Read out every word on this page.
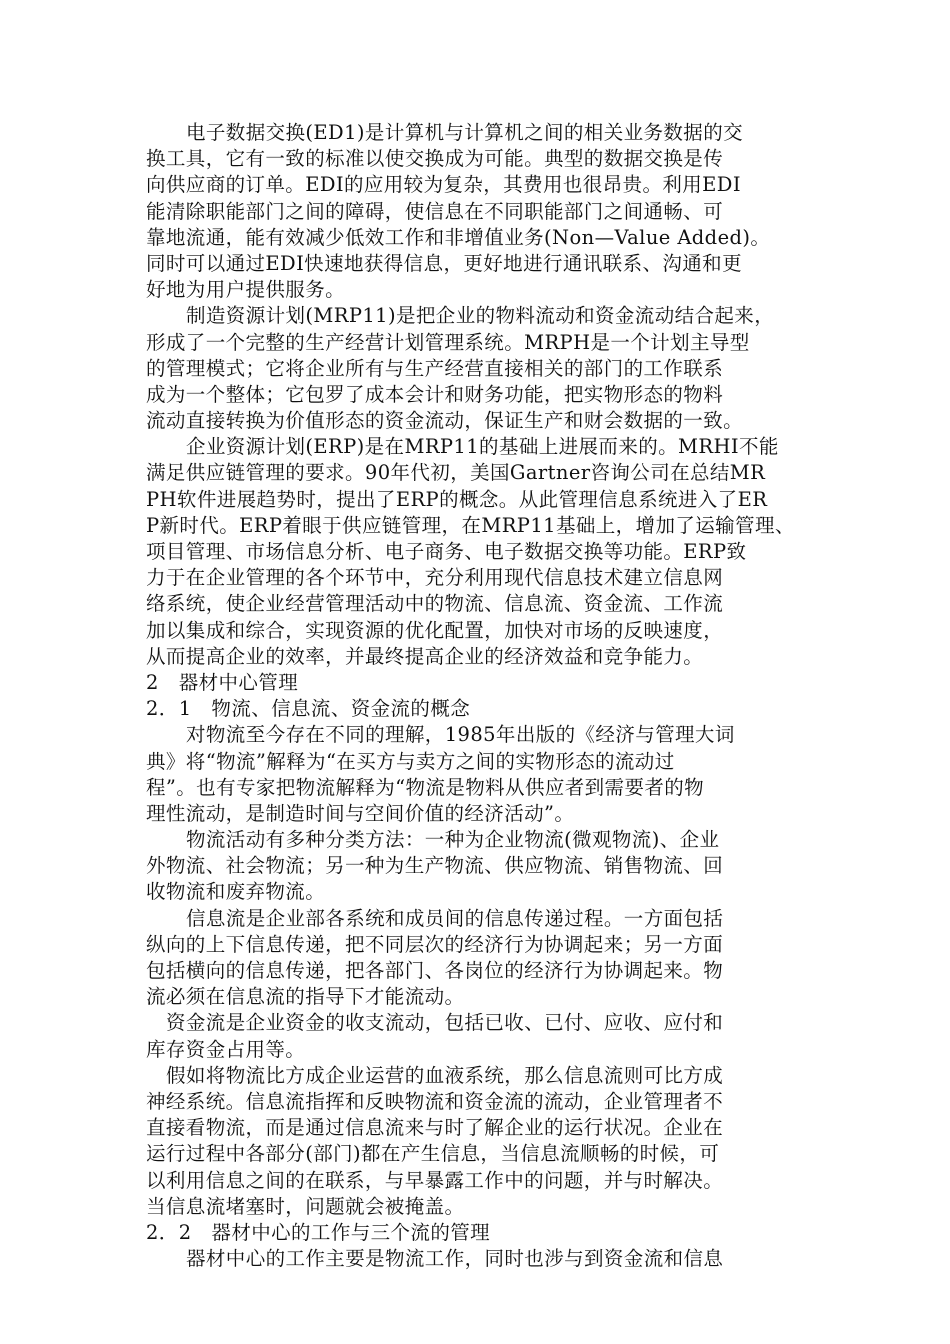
电子数据交换(ED1)是计算机与计算机之间的相关业务数据的交
换工具，它有一致的标准以使交换成为可能。典型的数据交换是传
向供应商的订单。EDI的应用较为复杂，其费用也很昂贵。利用EDI
能清除职能部门之间的障碍，使信息在不同职能部门之间通畅、可
靠地流通，能有效减少低效工作和非增值业务(Non—Value Added)。
同时可以通过EDI快速地获得信息，更好地进行通讯联系、沟通和更
好地为用户提供服务。
制造资源计划(MRP11)是把企业的物料流动和资金流动结合起来，
形成了一个完整的生产经营计划管理系统。MRPH是一个计划主导型
的管理模式；它将企业所有与生产经营直接相关的部门的工作联系
成为一个整体；它包罗了成本会计和财务功能，把实物形态的物料
流动直接转换为价值形态的资金流动，保证生产和财会数据的一致。
企业资源计划(ERP)是在MRP11的基础上进展而来的。MRHI不能
满足供应链管理的要求。90年代初，美国Gartner咨询公司在总结MR
PH软件进展趋势时，提出了ERP的概念。从此管理信息系统进入了ER
P新时代。ERP着眼于供应链管理，在MRP11基础上，增加了运输管理、
项目管理、市场信息分析、电子商务、电子数据交换等功能。ERP致
力于在企业管理的各个环节中，充分利用现代信息技术建立信息网
络系统，使企业经营管理活动中的物流、信息流、资金流、工作流
加以集成和综合，实现资源的优化配置，加快对市场的反映速度，
从而提高企业的效率，并最终提高企业的经济效益和竞争能力。
2　器材中心管理
2．1　物流、信息流、资金流的概念
对物流至今存在不同的理解，1985年出版的《经济与管理大词
典》将“物流”解释为“在买方与卖方之间的实物形态的流动过
程”。也有专家把物流解释为“物流是物料从供应者到需要者的物
理性流动，是制造时间与空间价值的经济活动”。
物流活动有多种分类方法：一种为企业物流(微观物流)、企业
外物流、社会物流；另一种为生产物流、供应物流、销售物流、回
收物流和废弃物流。
信息流是企业部各系统和成员间的信息传递过程。一方面包括
纵向的上下信息传递，把不同层次的经济行为协调起来；另一方面
包括横向的信息传递，把各部门、各岗位的经济行为协调起来。物
流必须在信息流的指导下才能流动。
资金流是企业资金的收支流动，包括已收、已付、应收、应付和
库存资金占用等。
假如将物流比方成企业运营的血液系统，那么信息流则可比方成
神经系统。信息流指挥和反映物流和资金流的流动，企业管理者不
直接看物流，而是通过信息流来与时了解企业的运行状况。企业在
运行过程中各部分(部门)都在产生信息，当信息流顺畅的时候，可
以利用信息之间的在联系，与早暴露工作中的问题，并与时解决。
当信息流堵塞时，问题就会被掩盖。
2．2　器材中心的工作与三个流的管理
器材中心的工作主要是物流工作，同时也涉与到资金流和信息
